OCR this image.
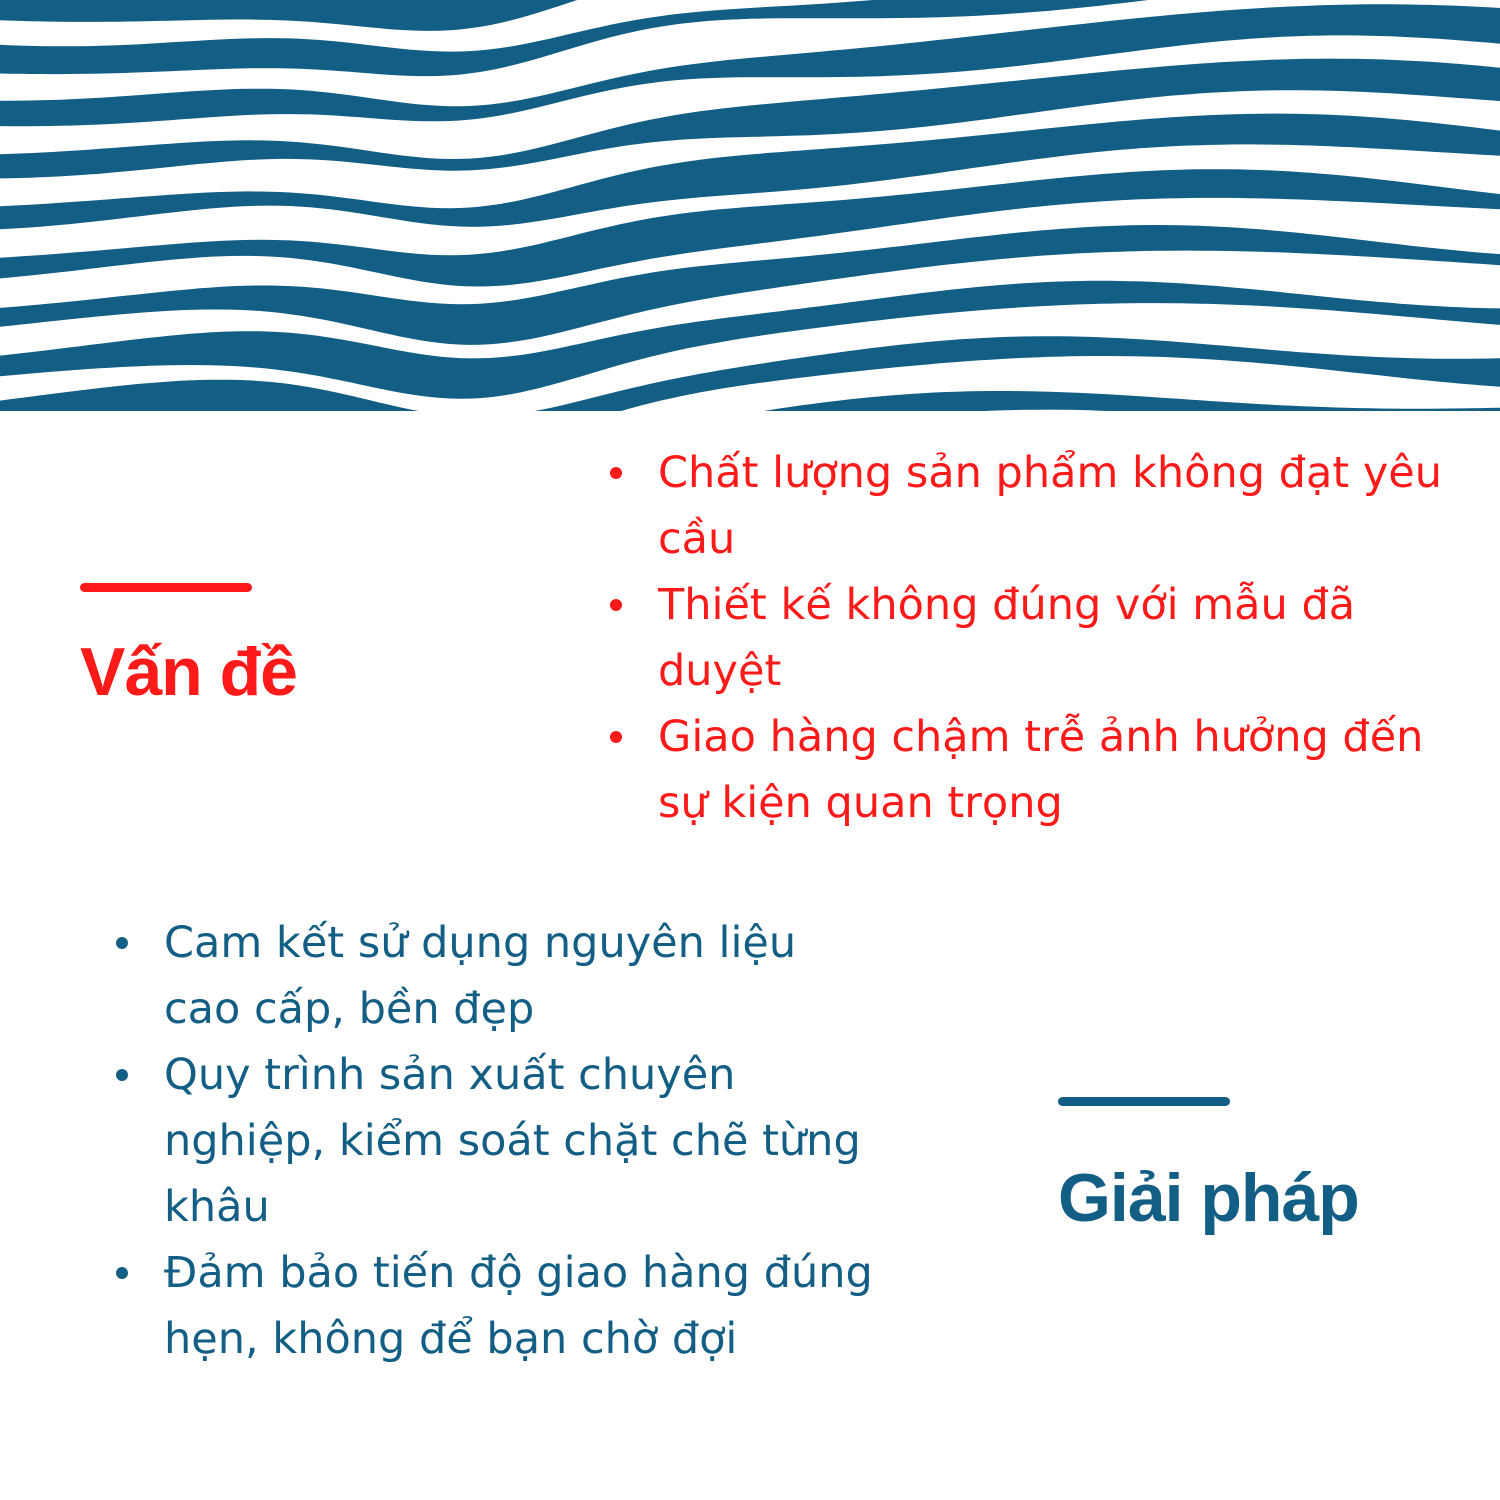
Vấn đề
Chất lượng sản phẩm không đạt yêu cầu
Thiết kế không đúng với mẫu đã duyệt
Giao hàng chậm trễ ảnh hưởng đến sự kiện quan trọng
Cam kết sử dụng nguyên liệu cao cấp, bền đẹp
Quy trình sản xuất chuyên nghiệp, kiểm soát chặt chẽ từng khâu
Đảm bảo tiến độ giao hàng đúng hẹn, không để bạn chờ đợi
Giải pháp
